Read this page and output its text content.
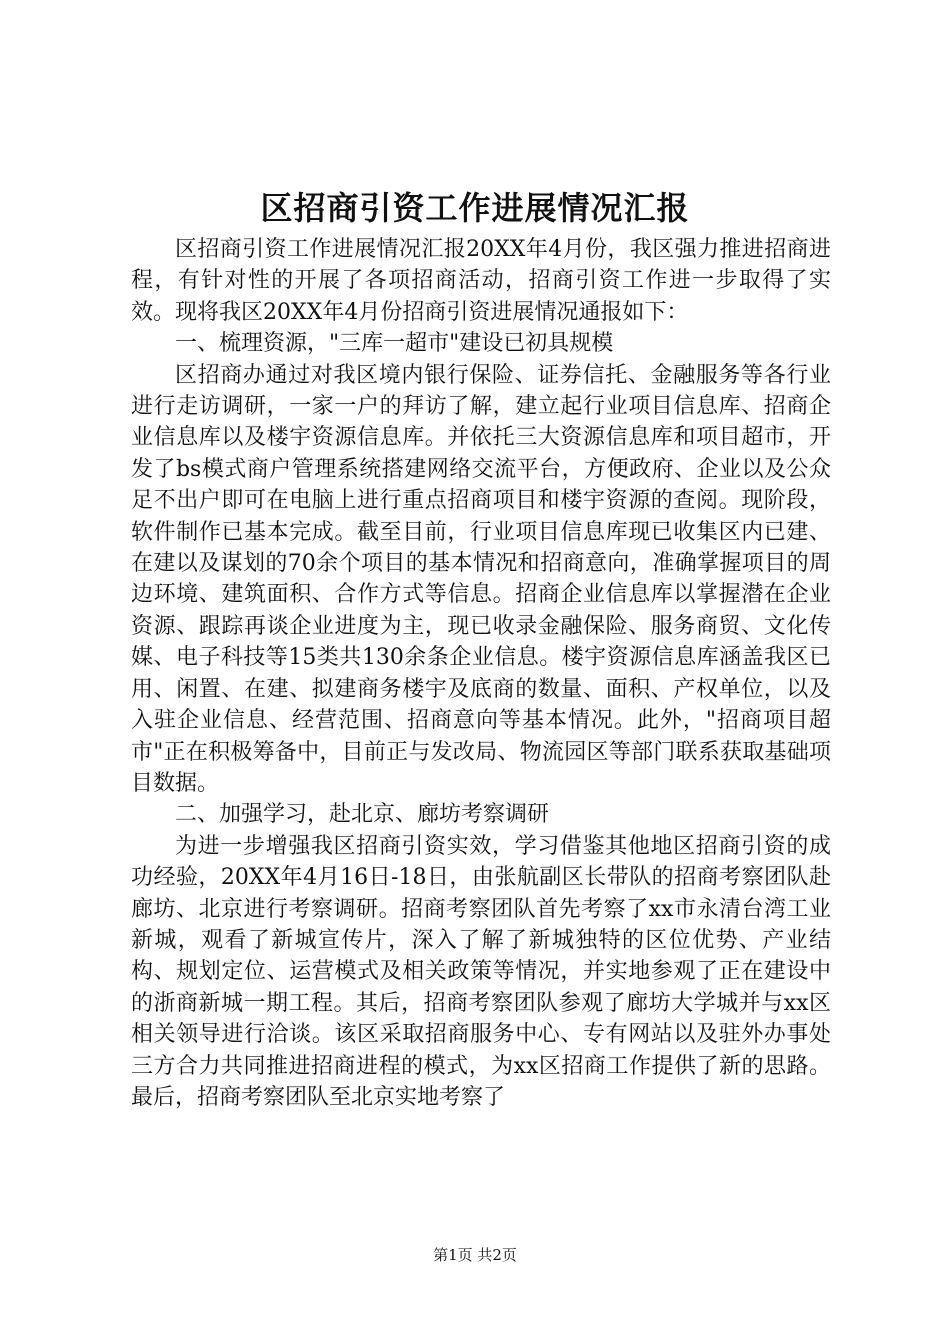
区招商引资工作进展情况汇报

区招商引资工作进展情况汇报20XX年4月份，我区强力推进招商进程，有针对性的开展了各项招商活动，招商引资工作进一步取得了实效。现将我区20XX年4月份招商引资进展情况通报如下：

一、梳理资源，"三库一超市"建设已初具规模

区招商办通过对我区境内银行保险、证券信托、金融服务等各行业进行走访调研，一家一户的拜访了解，建立起行业项目信息库、招商企业信息库以及楼宇资源信息库。并依托三大资源信息库和项目超市，开发了bs模式商户管理系统搭建网络交流平台，方便政府、企业以及公众足不出户即可在电脑上进行重点招商项目和楼宇资源的查阅。现阶段，软件制作已基本完成。截至目前，行业项目信息库现已收集区内已建、在建以及谋划的70余个项目的基本情况和招商意向，准确掌握项目的周边环境、建筑面积、合作方式等信息。招商企业信息库以掌握潜在企业资源、跟踪再谈企业进度为主，现已收录金融保险、服务商贸、文化传媒、电子科技等15类共130余条企业信息。楼宇资源信息库涵盖我区已用、闲置、在建、拟建商务楼宇及底商的数量、面积、产权单位，以及入驻企业信息、经营范围、招商意向等基本情况。此外，"招商项目超市"正在积极筹备中，目前正与发改局、物流园区等部门联系获取基础项目数据。

二、加强学习，赴北京、廊坊考察调研

为进一步增强我区招商引资实效，学习借鉴其他地区招商引资的成功经验，20XX年4月16日-18日，由张航副区长带队的招商考察团队赴廊坊、北京进行考察调研。招商考察团队首先考察了xx市永清台湾工业新城，观看了新城宣传片，深入了解了新城独特的区位优势、产业结构、规划定位、运营模式及相关政策等情况，并实地参观了正在建设中的浙商新城一期工程。其后，招商考察团队参观了廊坊大学城并与xx区相关领导进行洽谈。该区采取招商服务中心、专有网站以及驻外办事处三方合力共同推进招商进程的模式，为xx区招商工作提供了新的思路。最后，招商考察团队至北京实地考察了

第1页 共2页
